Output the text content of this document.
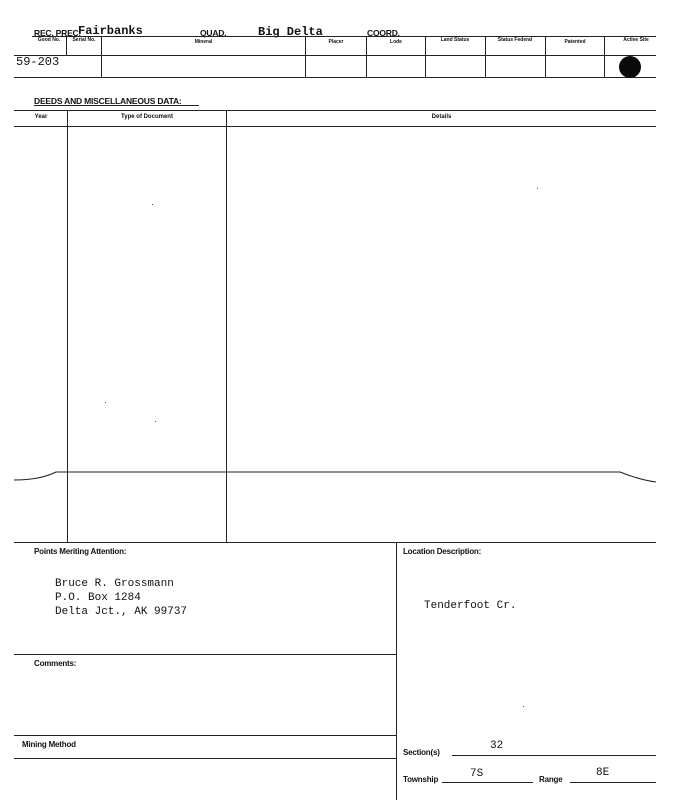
REC. PREC.
Fairbanks	QUAD.	Big Delta	COORD.
Good No.	Serial No.	Mineral	Placer	Lode	Land Status	Status Federal	Patented	Active Site
59-203
DEEDS AND MISCELLANEOUS DATA:
Year	Type of Document	Details
Points Meriting Attention:
Bruce R. Grossmann
P.O. Box 1284
Delta Jct., AK 99737
Comments:
Mining Method
Location Description:
Tenderfoot Cr.
Section(s)
32
Township	7S	Range
8E
